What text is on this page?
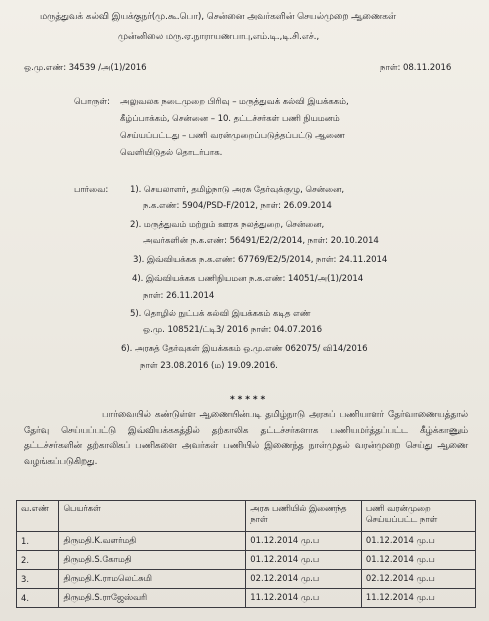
மருத்துவக் கல்வி இயக்குநர்(மு.கூ.பொ), சென்னை அவர்களின் செயல்முறை ஆணைகள்
முன்னிலை மரு.ஏ.நாராயணபாபு,எம்.டி.,டி.சி.எச்.,
ஒ.மு.எண்: 34539 /அ(1)/2016	நாள்: 08.11.2016
பொருள்: அலுவலக நடைமுறை பிரிவு – மருத்துவக் கல்வி இயக்ககம்,
கீழ்ப்பாக்கம், சென்னை – 10. தட்டச்சர்கள் பணி நியமனம்
செய்யப்பட்டது – பணி வரன்முறைப்படுத்தப்பட்டு ஆணை
வெளியிடுதல் தொடர்பாக.
பார்வை:	1). செயலாளர், தமிழ்நாடு அரசு தேர்வுக்குழு, சென்னை,
ந.க.எண்: 5904/PSD-F/2012, நாள்: 26.09.2014
2). மருத்துவம் மற்றும் ஊரக நலத்துறை, சென்னை,
அவர்களின் ந.க.எண்: 56491/E2/2/2014, நாள்: 20.10.2014
3). இவ்வியக்கக ந.க.எண்: 67769/E2/5/2014, நாள்: 24.11.2014
4). இவ்வியக்கக பணிநியமன ந.க.எண்: 14051/அ(1)/2014
நாள்: 26.11.2014
5). தொழில் நுட்பக் கல்வி இயக்ககம் கடித எண்
ஒ.மு. 108521/ட்டி3/ 2016 நாள்: 04.07.2016
6). அரசுத் தேர்வுகள் இயக்ககம் ஒ.மு.எண் 062075/ வி14/2016
நாள் 23.08.2016 (ம) 19.09.2016.
* * * * *
பார்வையில் கண்டுள்ள ஆணையின்படி தமிழ்நாடு அரசுப் பணியாளர் தேர்வாணையத்தால் தேர்வு செய்யப்பட்டு இவ்வியக்ககத்தில் தற்காலிக தட்டச்சர்களாக பணியமர்த்தப்பட்ட கீழ்க்காணும் தட்டச்சர்களின் தற்காலிகப் பணிகளை அவர்கள் பணியில் இணைந்த நாள்முதல் வரன்முறை செய்து ஆணை வழங்கப்படுகிறது.
வ.எண்	பெயர்கள்	அரசு பணியில் இணைந்த நாள்	பணி வரன்முறை செய்யப்பட்ட நாள்
1.	திருமதி.K.வளர்மதி	01.12.2014 மு.ப	01.12.2014 மு.ப
2.	திருமதி.S.கோமதி	01.12.2014 மு.ப	01.12.2014 மு.ப
3.	திருமதி.K.ராமலெட்சுமி	02.12.2014 மு.ப	02.12.2014 மு.ப
4.	திருமதி.S.ராஜேஸ்வரி	11.12.2014 மு.ப	11.12.2014 மு.ப
